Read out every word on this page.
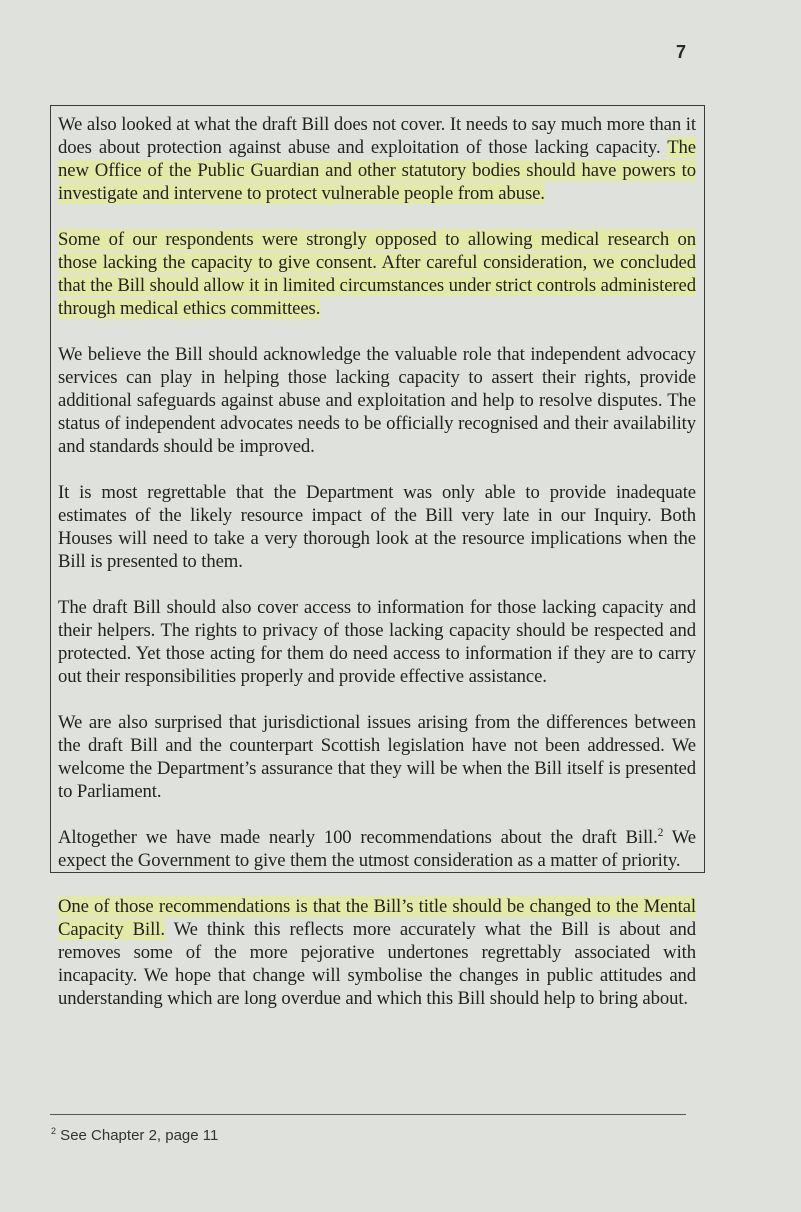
7

We also looked at what the draft Bill does not cover. It needs to say much more than it does about protection against abuse and exploitation of those lacking capacity. The new Office of the Public Guardian and other statutory bodies should have powers to investigate and intervene to protect vulnerable people from abuse.

Some of our respondents were strongly opposed to allowing medical research on those lacking the capacity to give consent. After careful consideration, we concluded that the Bill should allow it in limited circumstances under strict controls administered through medical ethics committees.

We believe the Bill should acknowledge the valuable role that independent advocacy services can play in helping those lacking capacity to assert their rights, provide additional safeguards against abuse and exploitation and help to resolve disputes. The status of independent advocates needs to be officially recognised and their availability and standards should be improved.

It is most regrettable that the Department was only able to provide inadequate estimates of the likely resource impact of the Bill very late in our Inquiry. Both Houses will need to take a very thorough look at the resource implications when the Bill is presented to them.

The draft Bill should also cover access to information for those lacking capacity and their helpers. The rights to privacy of those lacking capacity should be respected and protected. Yet those acting for them do need access to information if they are to carry out their responsibilities properly and provide effective assistance.

We are also surprised that jurisdictional issues arising from the differences between the draft Bill and the counterpart Scottish legislation have not been addressed. We welcome the Department’s assurance that they will be when the Bill itself is presented to Parliament.

Altogether we have made nearly 100 recommendations about the draft Bill.$^2$ We expect the Government to give them the utmost consideration as a matter of priority.

One of those recommendations is that the Bill’s title should be changed to the Mental Capacity Bill. We think this reflects more accurately what the Bill is about and removes some of the more pejorative undertones regrettably associated with incapacity. We hope that change will symbolise the changes in public attitudes and understanding which are long overdue and which this Bill should help to bring about.

$^2$ See Chapter 2, page 11
